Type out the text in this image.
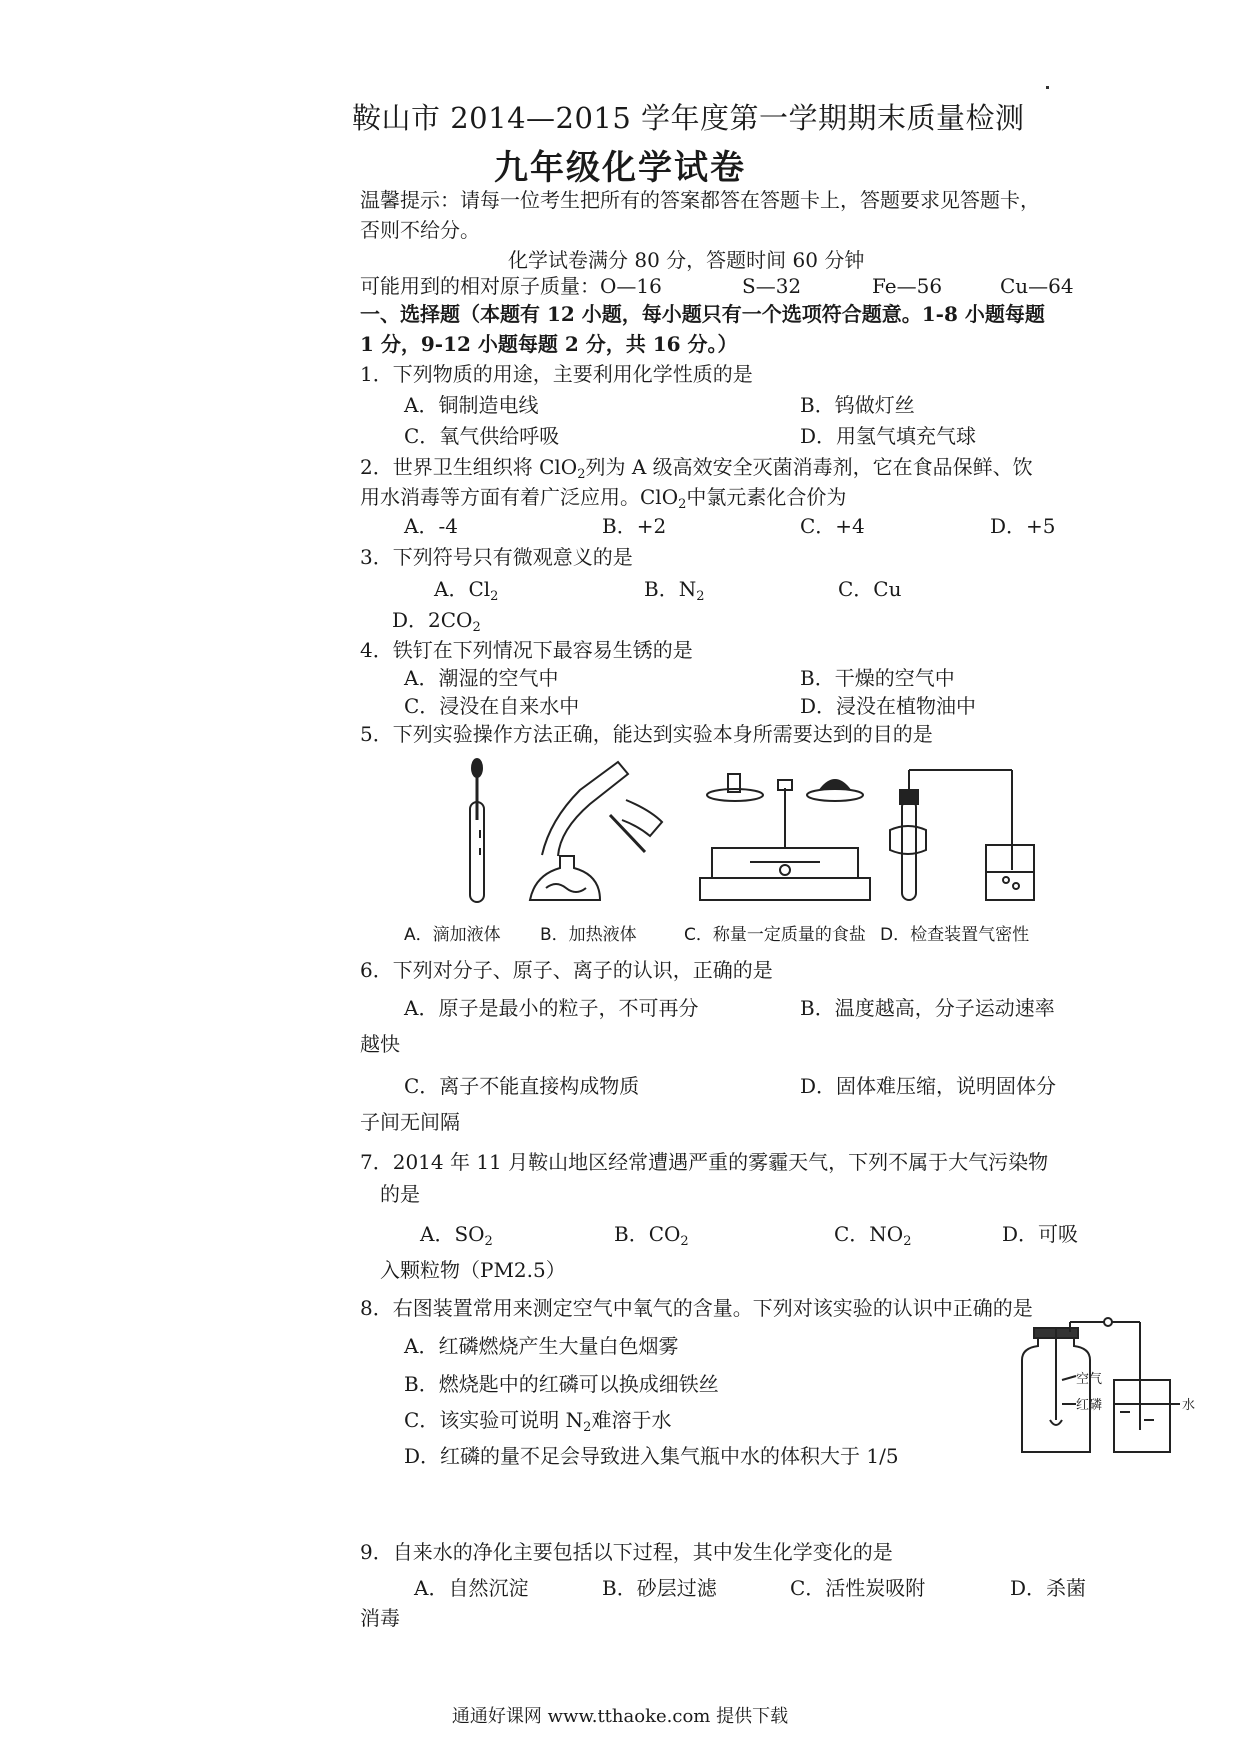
鞍山市 2014—2015 学年度第一学期期末质量检测
九年级化学试卷
温馨提示：请每一位考生把所有的答案都答在答题卡上，答题要求见答题卡，
否则不给分。
化学试卷满分 80 分，答题时间 60 分钟
可能用到的相对原子质量： O—16	S—32	Fe—56	Cu—64
一、选择题（本题有 12 小题，每小题只有一个选项符合题意。1-8 小题每题
1 分，9-12 小题每题 2 分，共 16 分。）
1．下列物质的用途，主要利用化学性质的是
A．铜制造电线	B．钨做灯丝
C．氧气供给呼吸	D．用氢气填充气球
2．世界卫生组织将 ClO$_2$列为 A 级高效安全灭菌消毒剂，它在食品保鲜、饮
用水消毒等方面有着广泛应用。ClO$_2$中氯元素化合价为
A．-4	B．+2	C．+4	D．+5
3．下列符号只有微观意义的是
A．$Cl_2$	B．$N_2$	C．Cu
D．$2CO_2$
4．铁钉在下列情况下最容易生锈的是
A．潮湿的空气中	B．干燥的空气中
C．浸没在自来水中	D．浸没在植物油中
5．下列实验操作方法正确，能达到实验本身所需要达到的目的是
A．滴加液体 B．加热液体	C．称量一定质量的食盐 D．检查装置气密性
6．下列对分子、原子、离子的认识，正确的是
A．原子是最小的粒子，不可再分	B．温度越高，分子运动速率
越快
C．离子不能直接构成物质	D．固体难压缩，说明固体分
子间无间隔
7．2014 年 11 月鞍山地区经常遭遇严重的雾霾天气，下列不属于大气污染物
的是
A．$SO_2$	B．$CO_2$	C．$NO_2$	D．可吸
入颗粒物（PM2.5）
8．右图装置常用来测定空气中氧气的含量。下列对该实验的认识中正确的是
A．红磷燃烧产生大量白色烟雾
B．燃烧匙中的红磷可以换成细铁丝
C．该实验可说明 $N_2$难溶于水
D．红磷的量不足会导致进入集气瓶中水的体积大于 1/5
空气
红磷	水
9．自来水的净化主要包括以下过程，其中发生化学变化的是
A．自然沉淀	B．砂层过滤	C．活性炭吸附	D．杀菌
消毒
通通好课网 www.tthaoke.com 提供下载
